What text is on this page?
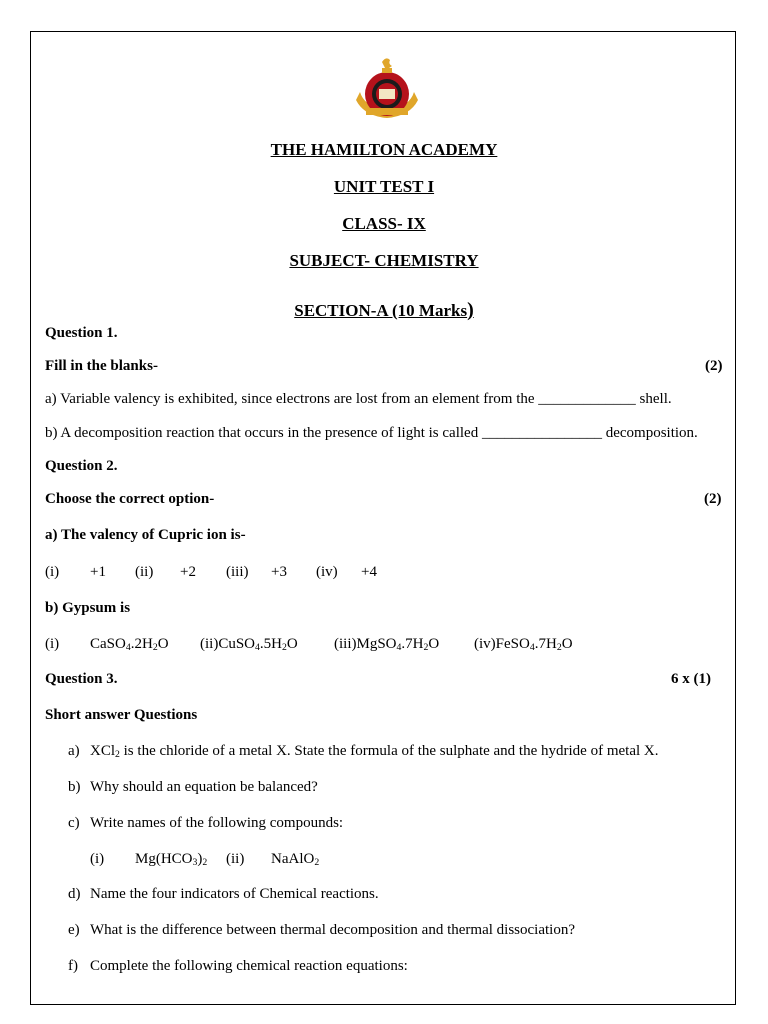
THE HAMILTON ACADEMY
UNIT TEST I
CLASS- IX
SUBJECT- CHEMISTRY
SECTION-A (10 Marks)
Question 1.
Fill in the blanks-	(2)
a) Variable valency is exhibited, since electrons are lost from an element from the _____________ shell.
b) A decomposition reaction that occurs in the presence of light is called ________________ decomposition.
Question 2.
Choose the correct option-	(2)
a) The valency of Cupric ion is-
(i) +1 (ii) +2 (iii) +3 (iv) +4
b) Gypsum is
(i) $CaSO_4.2H_2O$ $(ii)CuSO_4.5H_2O$ $(iii)MgSO_4.7H_2O$ $(iv)FeSO_4.7H_2O$
Question 3.	6 x (1)
Short answer Questions
a) XCl$_2$ is the chloride of a metal X. State the formula of the sulphate and the hydride of metal X.
b) Why should an equation be balanced?
c) Write names of the following compounds:
(i) $Mg(HCO_3)_2$ (ii) NaAlO$_2$
d) Name the four indicators of Chemical reactions.
e) What is the difference between thermal decomposition and thermal dissociation?
f) Complete the following chemical reaction equations:
